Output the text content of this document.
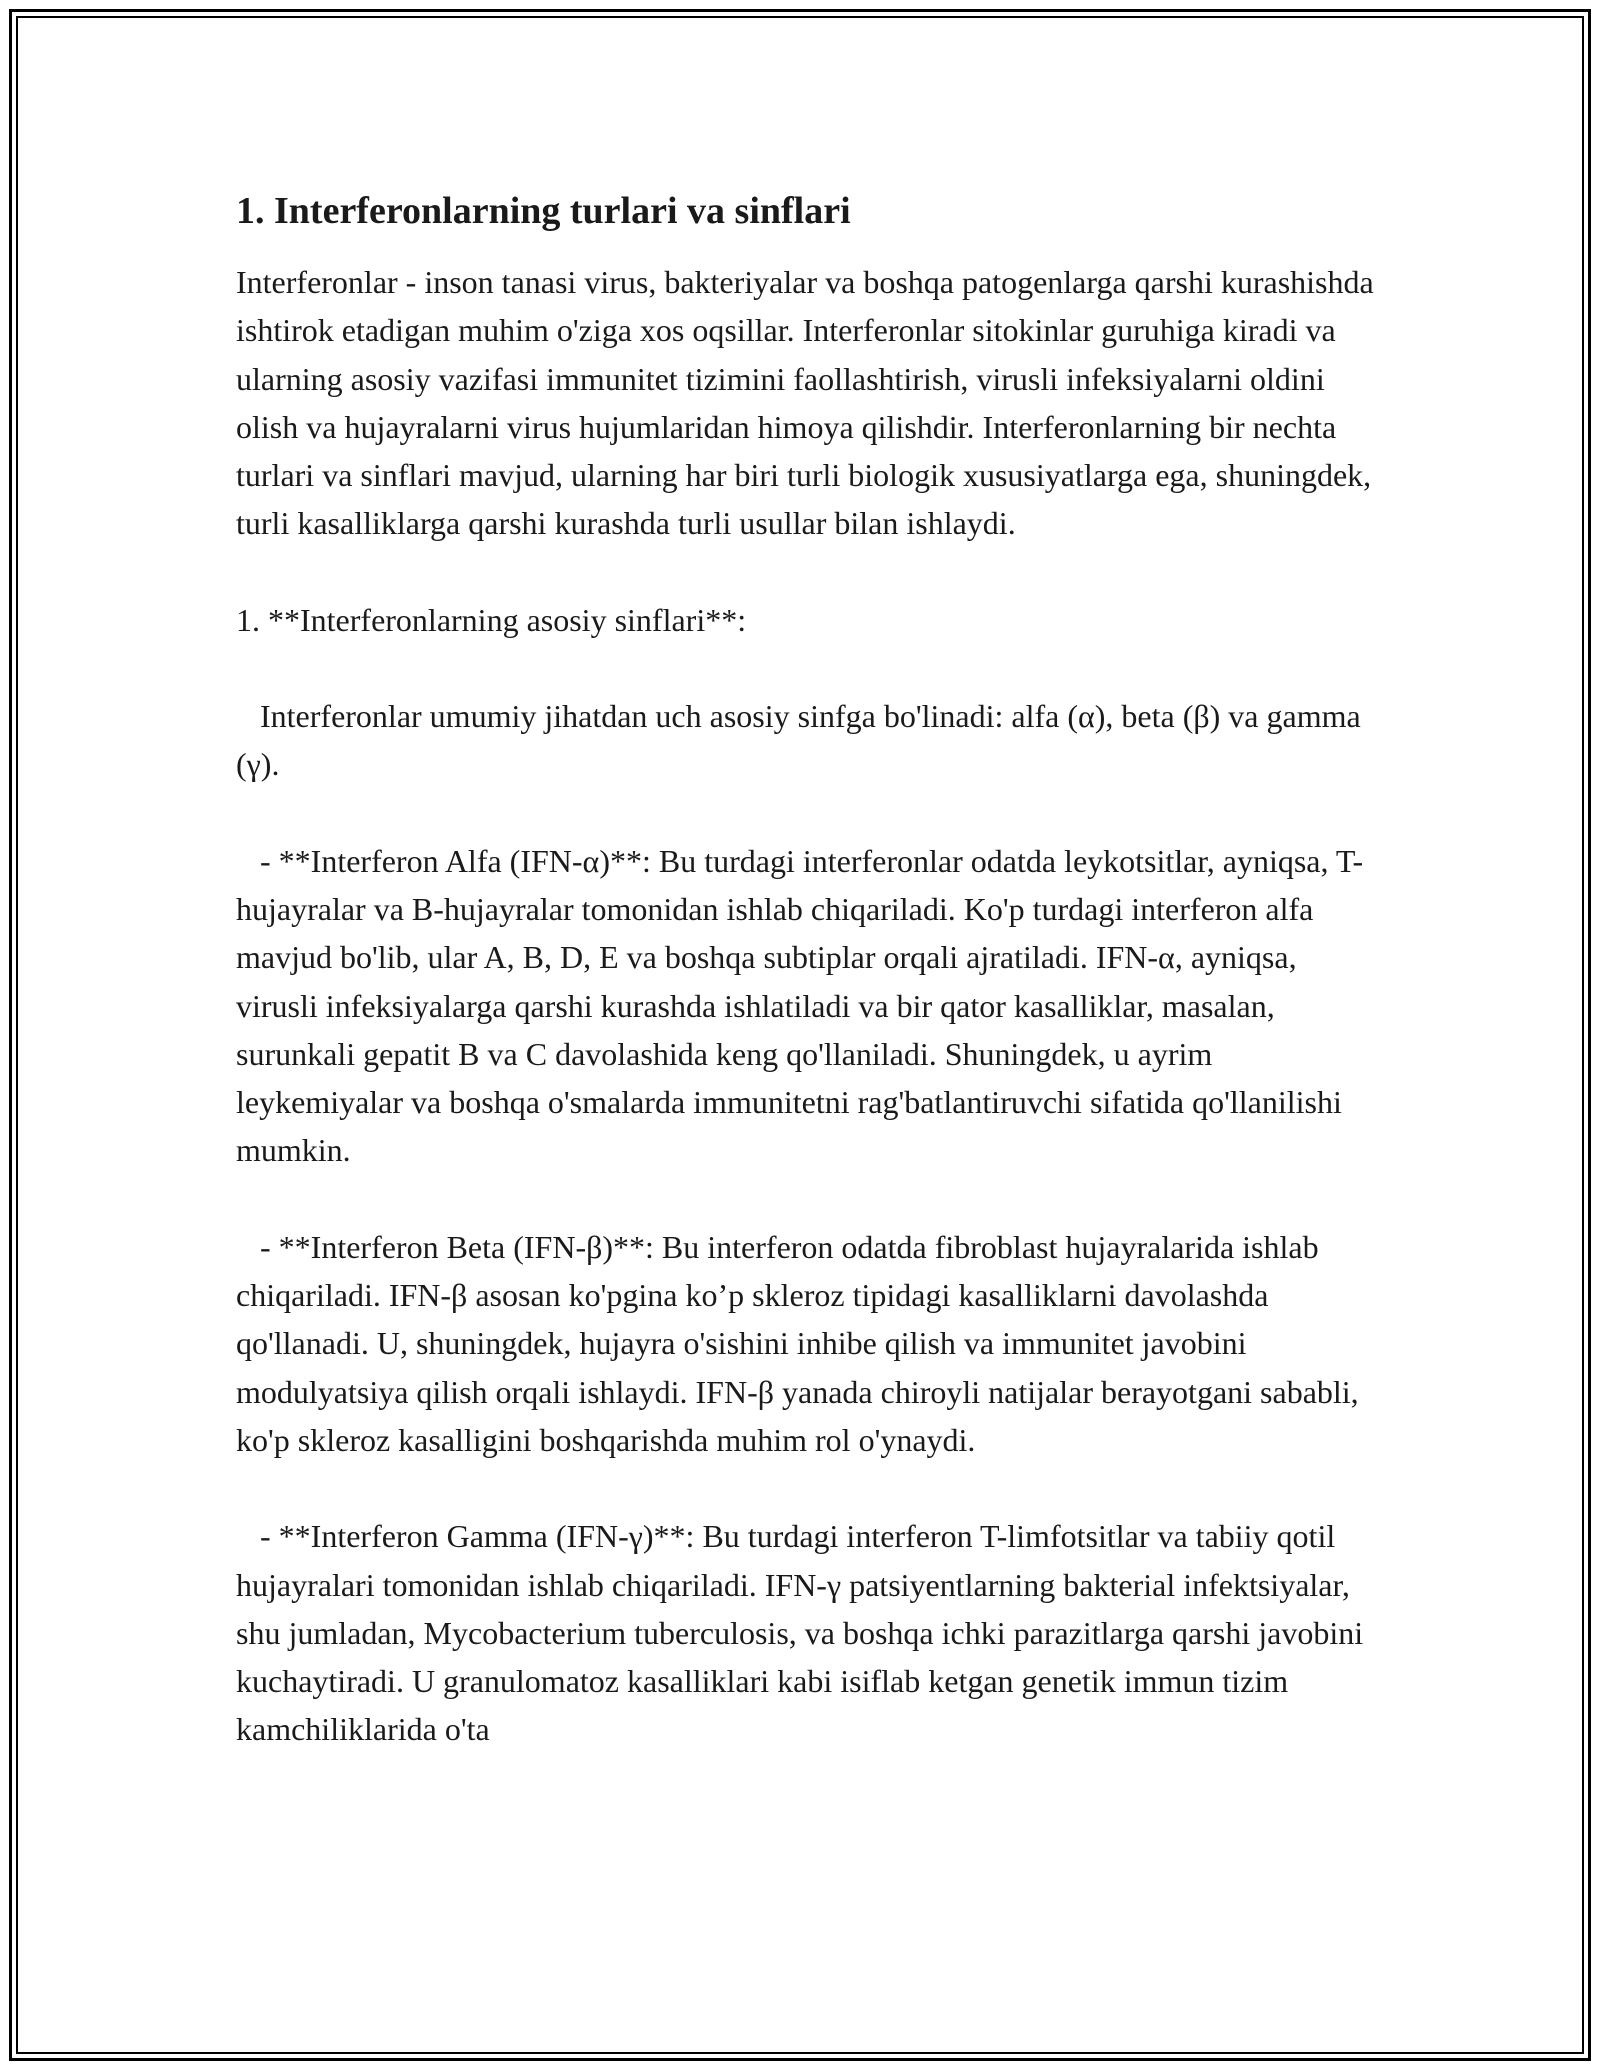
1. Interferonlarning turlari va sinflari

Interferonlar - inson tanasi virus, bakteriyalar va boshqa patogenlarga qarshi kurashishda ishtirok etadigan muhim o'ziga xos oqsillar. Interferonlar sitokinlar guruhiga kiradi va ularning asosiy vazifasi immunitet tizimini faollashtirish, virusli infeksiyalarni oldini olish va hujayralarni virus hujumlaridan himoya qilishdir. Interferonlarning bir nechta turlari va sinflari mavjud, ularning har biri turli biologik xususiyatlarga ega, shuningdek, turli kasalliklarga qarshi kurashda turli usullar bilan ishlaydi.

1. **Interferonlarning asosiy sinflari**:

Interferonlar umumiy jihatdan uch asosiy sinfga bo'linadi: alfa (α), beta (β) va gamma (γ).

- **Interferon Alfa (IFN-α)**: Bu turdagi interferonlar odatda leykotsitlar, ayniqsa, T-hujayralar va B-hujayralar tomonidan ishlab chiqariladi. Ko'p turdagi interferon alfa mavjud bo'lib, ular A, B, D, E va boshqa subtiplar orqali ajratiladi. IFN-α, ayniqsa, virusli infeksiyalarga qarshi kurashda ishlatiladi va bir qator kasalliklar, masalan, surunkali gepatit B va C davolashida keng qo'llaniladi. Shuningdek, u ayrim leykemiyalar va boshqa o'smalarda immunitetni rag'batlantiruvchi sifatida qo'llanilishi mumkin.

- **Interferon Beta (IFN-β)**: Bu interferon odatda fibroblast hujayralarida ishlab chiqariladi. IFN-β asosan ko'pgina ko’p skleroz tipidagi kasalliklarni davolashda qo'llanadi. U, shuningdek, hujayra o'sishini inhibe qilish va immunitet javobini modulyatsiya qilish orqali ishlaydi. IFN-β yanada chiroyli natijalar berayotgani sababli, ko'p skleroz kasalligini boshqarishda muhim rol o'ynaydi.

- **Interferon Gamma (IFN-γ)**: Bu turdagi interferon T-limfotsitlar va tabiiy qotil hujayralari tomonidan ishlab chiqariladi. IFN-γ patsiyentlarning bakterial infektsiyalar, shu jumladan, Mycobacterium tuberculosis, va boshqa ichki parazitlarga qarshi javobini kuchaytiradi. U granulomatoz kasalliklari kabi isiflab ketgan genetik immun tizim kamchiliklarida o'ta
